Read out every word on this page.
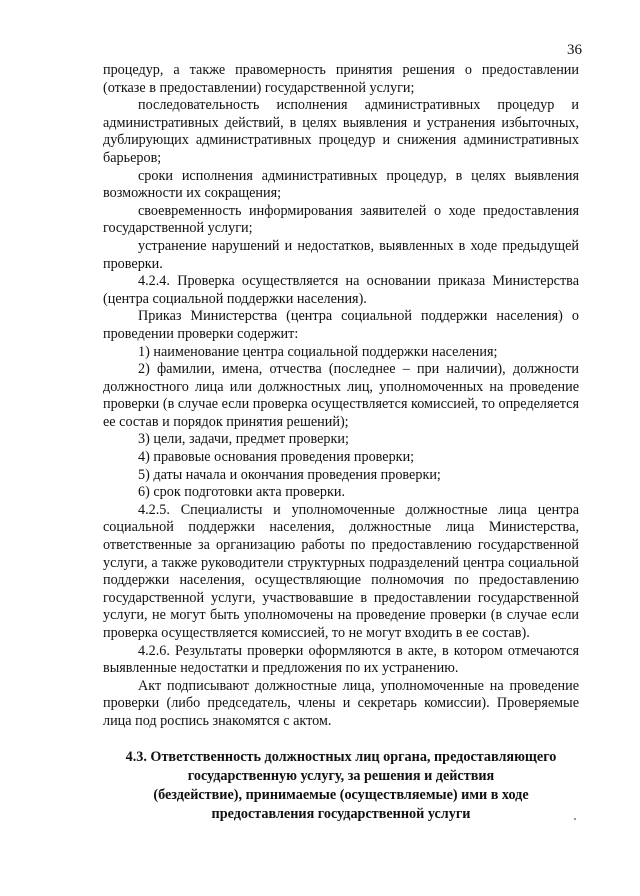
36

процедур, а также правомерность принятия решения о предоставлении (отказе в предоставлении) государственной услуги;

последовательность исполнения административных процедур и административных действий, в целях выявления и устранения избыточных, дублирующих административных процедур и снижения административных барьеров;

сроки исполнения административных процедур, в целях выявления возможности их сокращения;

своевременность информирования заявителей о ходе предоставления государственной услуги;

устранение нарушений и недостатков, выявленных в ходе предыдущей проверки.

4.2.4. Проверка осуществляется на основании приказа Министерства (центра социальной поддержки населения).

Приказ Министерства (центра социальной поддержки населения) о проведении проверки содержит:

1) наименование центра социальной поддержки населения;

2) фамилии, имена, отчества (последнее – при наличии), должности должностного лица или должностных лиц, уполномоченных на проведение проверки (в случае если проверка осуществляется комиссией, то определяется ее состав и порядок принятия решений);

3) цели, задачи, предмет проверки;

4) правовые основания проведения проверки;

5) даты начала и окончания проведения проверки;

6) срок подготовки акта проверки.

4.2.5. Специалисты и уполномоченные должностные лица центра социальной поддержки населения, должностные лица Министерства, ответственные за организацию работы по предоставлению государственной услуги, а также руководители структурных подразделений центра социальной поддержки населения, осуществляющие полномочия по предоставлению государственной услуги, участвовавшие в предоставлении государственной услуги, не могут быть уполномочены на проведение проверки (в случае если проверка осуществляется комиссией, то не могут входить в ее состав).

4.2.6. Результаты проверки оформляются в акте, в котором отмечаются выявленные недостатки и предложения по их устранению.

Акт подписывают должностные лица, уполномоченные на проведение проверки (либо председатель, члены и секретарь комиссии). Проверяемые лица под роспись знакомятся с актом.

4.3. Ответственность должностных лиц органа, предоставляющего
государственную услугу, за решения и действия
(бездействие), принимаемые (осуществляемые) ими в ходе
предоставления государственной услуги
